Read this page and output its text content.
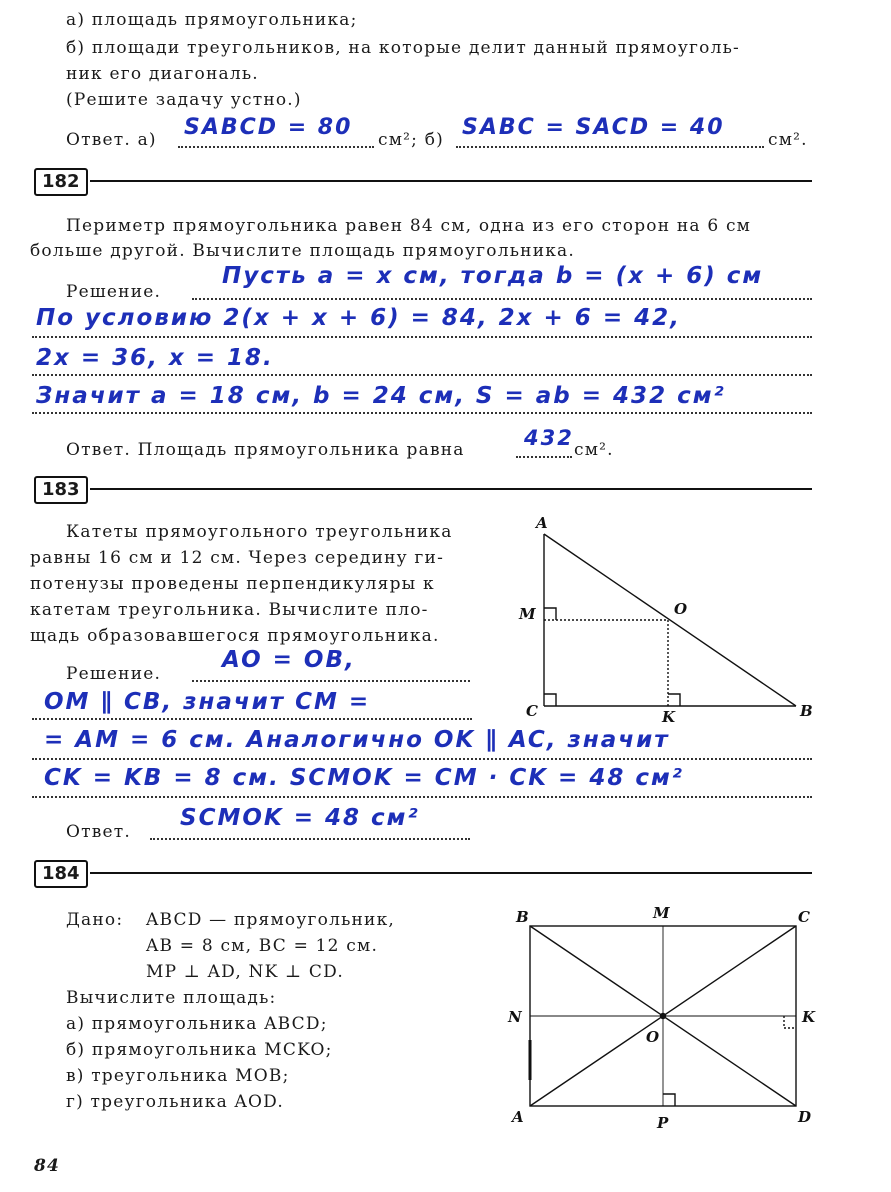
а) площадь прямоугольника;
б) площади треугольников, на которые делит данный прямоуголь-
ник его диагональ.
(Решите задачу устно.)
Ответ. а) SABCD = 80 см²; б) SABC = SACD = 40	см².
182
Периметр прямоугольника равен 84 см, одна из его сторон на 6 см
больше другой. Вычислите площадь прямоугольника.
Решение.
Пусть a = x см, тогда b = (x + 6) см
По условию 2(x + x + 6) = 84, 2x + 6 = 42,
2x = 36, x = 18.
Значит a = 18 см, b = 24 см, S = ab = 432 см²
Ответ. Площадь прямоугольника равна	432 см².
183
Катеты прямоугольного треугольника
равны 16 см и 12 см. Через середину ги-
потенузы проведены перпендикуляры к
катетам треугольника. Вычислите пло-
щадь образовавшегося прямоугольника.
Решение.
AO = OB,
OM ∥ CB, значит CM =
= AM = 6 см. Аналогично OK ∥ AC, значит
CK = KB = 8 см. SCMOK = CM · CK = 48 см²
Ответ.
SCMOK = 48 см²
A
M	O
C	K	B
184
Дано: ABCD — прямоугольник,
AB = 8 см, BC = 12 см.
MP ⊥ AD, NK ⊥ CD.
Вычислите площадь:
а) прямоугольника ABCD;
б) прямоугольника MCKO;
в) треугольника MOB;
г) треугольника AOD.
B	M	C
N	K
O
A	P	D
84
